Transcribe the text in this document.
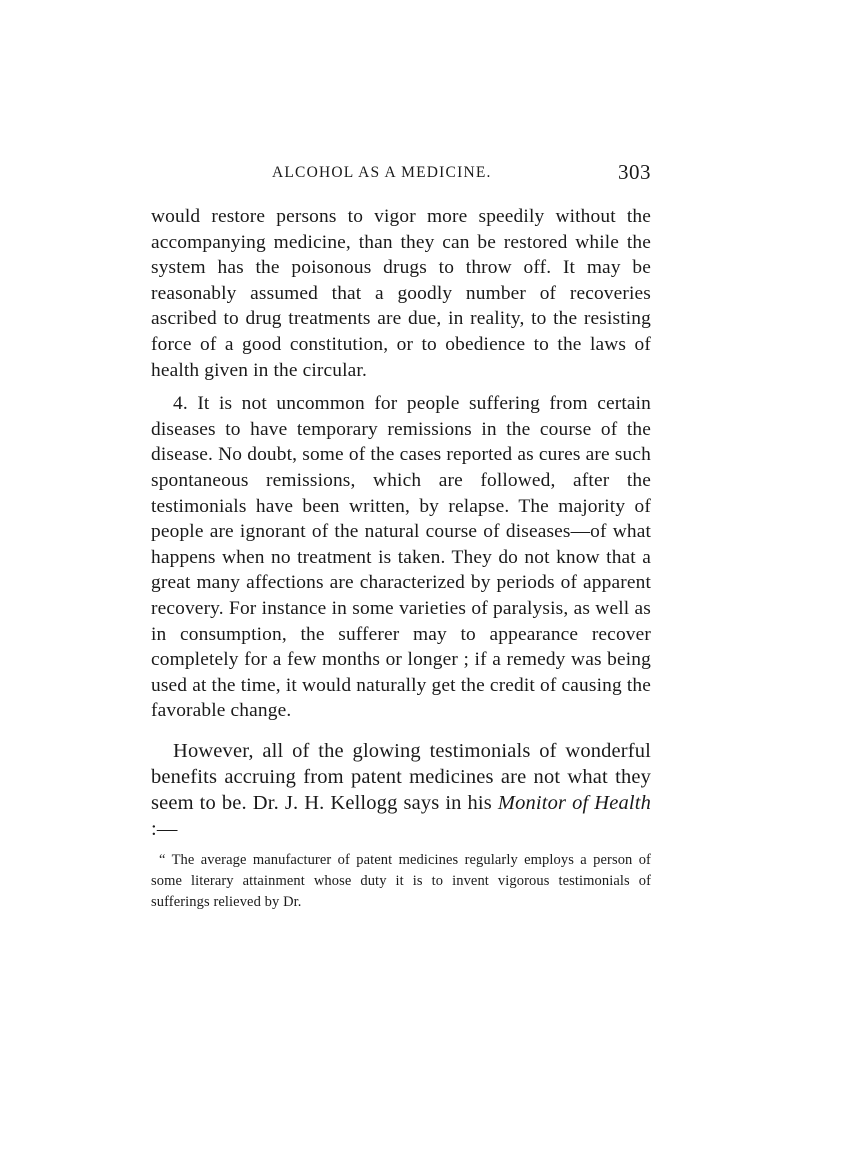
ALCOHOL AS A MEDICINE.	303

would restore persons to vigor more speedily without the accompanying medicine, than they can be restored while the system has the poisonous drugs to throw off. It may be reasonably assumed that a goodly number of recoveries ascribed to drug treatments are due, in reality, to the resisting force of a good constitution, or to obedience to the laws of health given in the circular.

4. It is not uncommon for people suffering from certain diseases to have temporary remissions in the course of the disease. No doubt, some of the cases reported as cures are such spontaneous remissions, which are followed, after the testimonials have been written, by relapse. The majority of people are ignorant of the natural course of diseases—of what happens when no treatment is taken. They do not know that a great many affections are characterized by periods of apparent recovery. For instance in some varieties of paralysis, as well as in consumption, the sufferer may to appearance recover completely for a few months or longer ; if a remedy was being used at the time, it would naturally get the credit of causing the favorable change.

However, all of the glowing testimonials of wonderful benefits accruing from patent medicines are not what they seem to be. Dr. J. H. Kellogg says in his Monitor of Health :—

“ The average manufacturer of patent medicines regularly employs a person of some literary attainment whose duty it is to invent vigorous testimonials of sufferings relieved by Dr.
